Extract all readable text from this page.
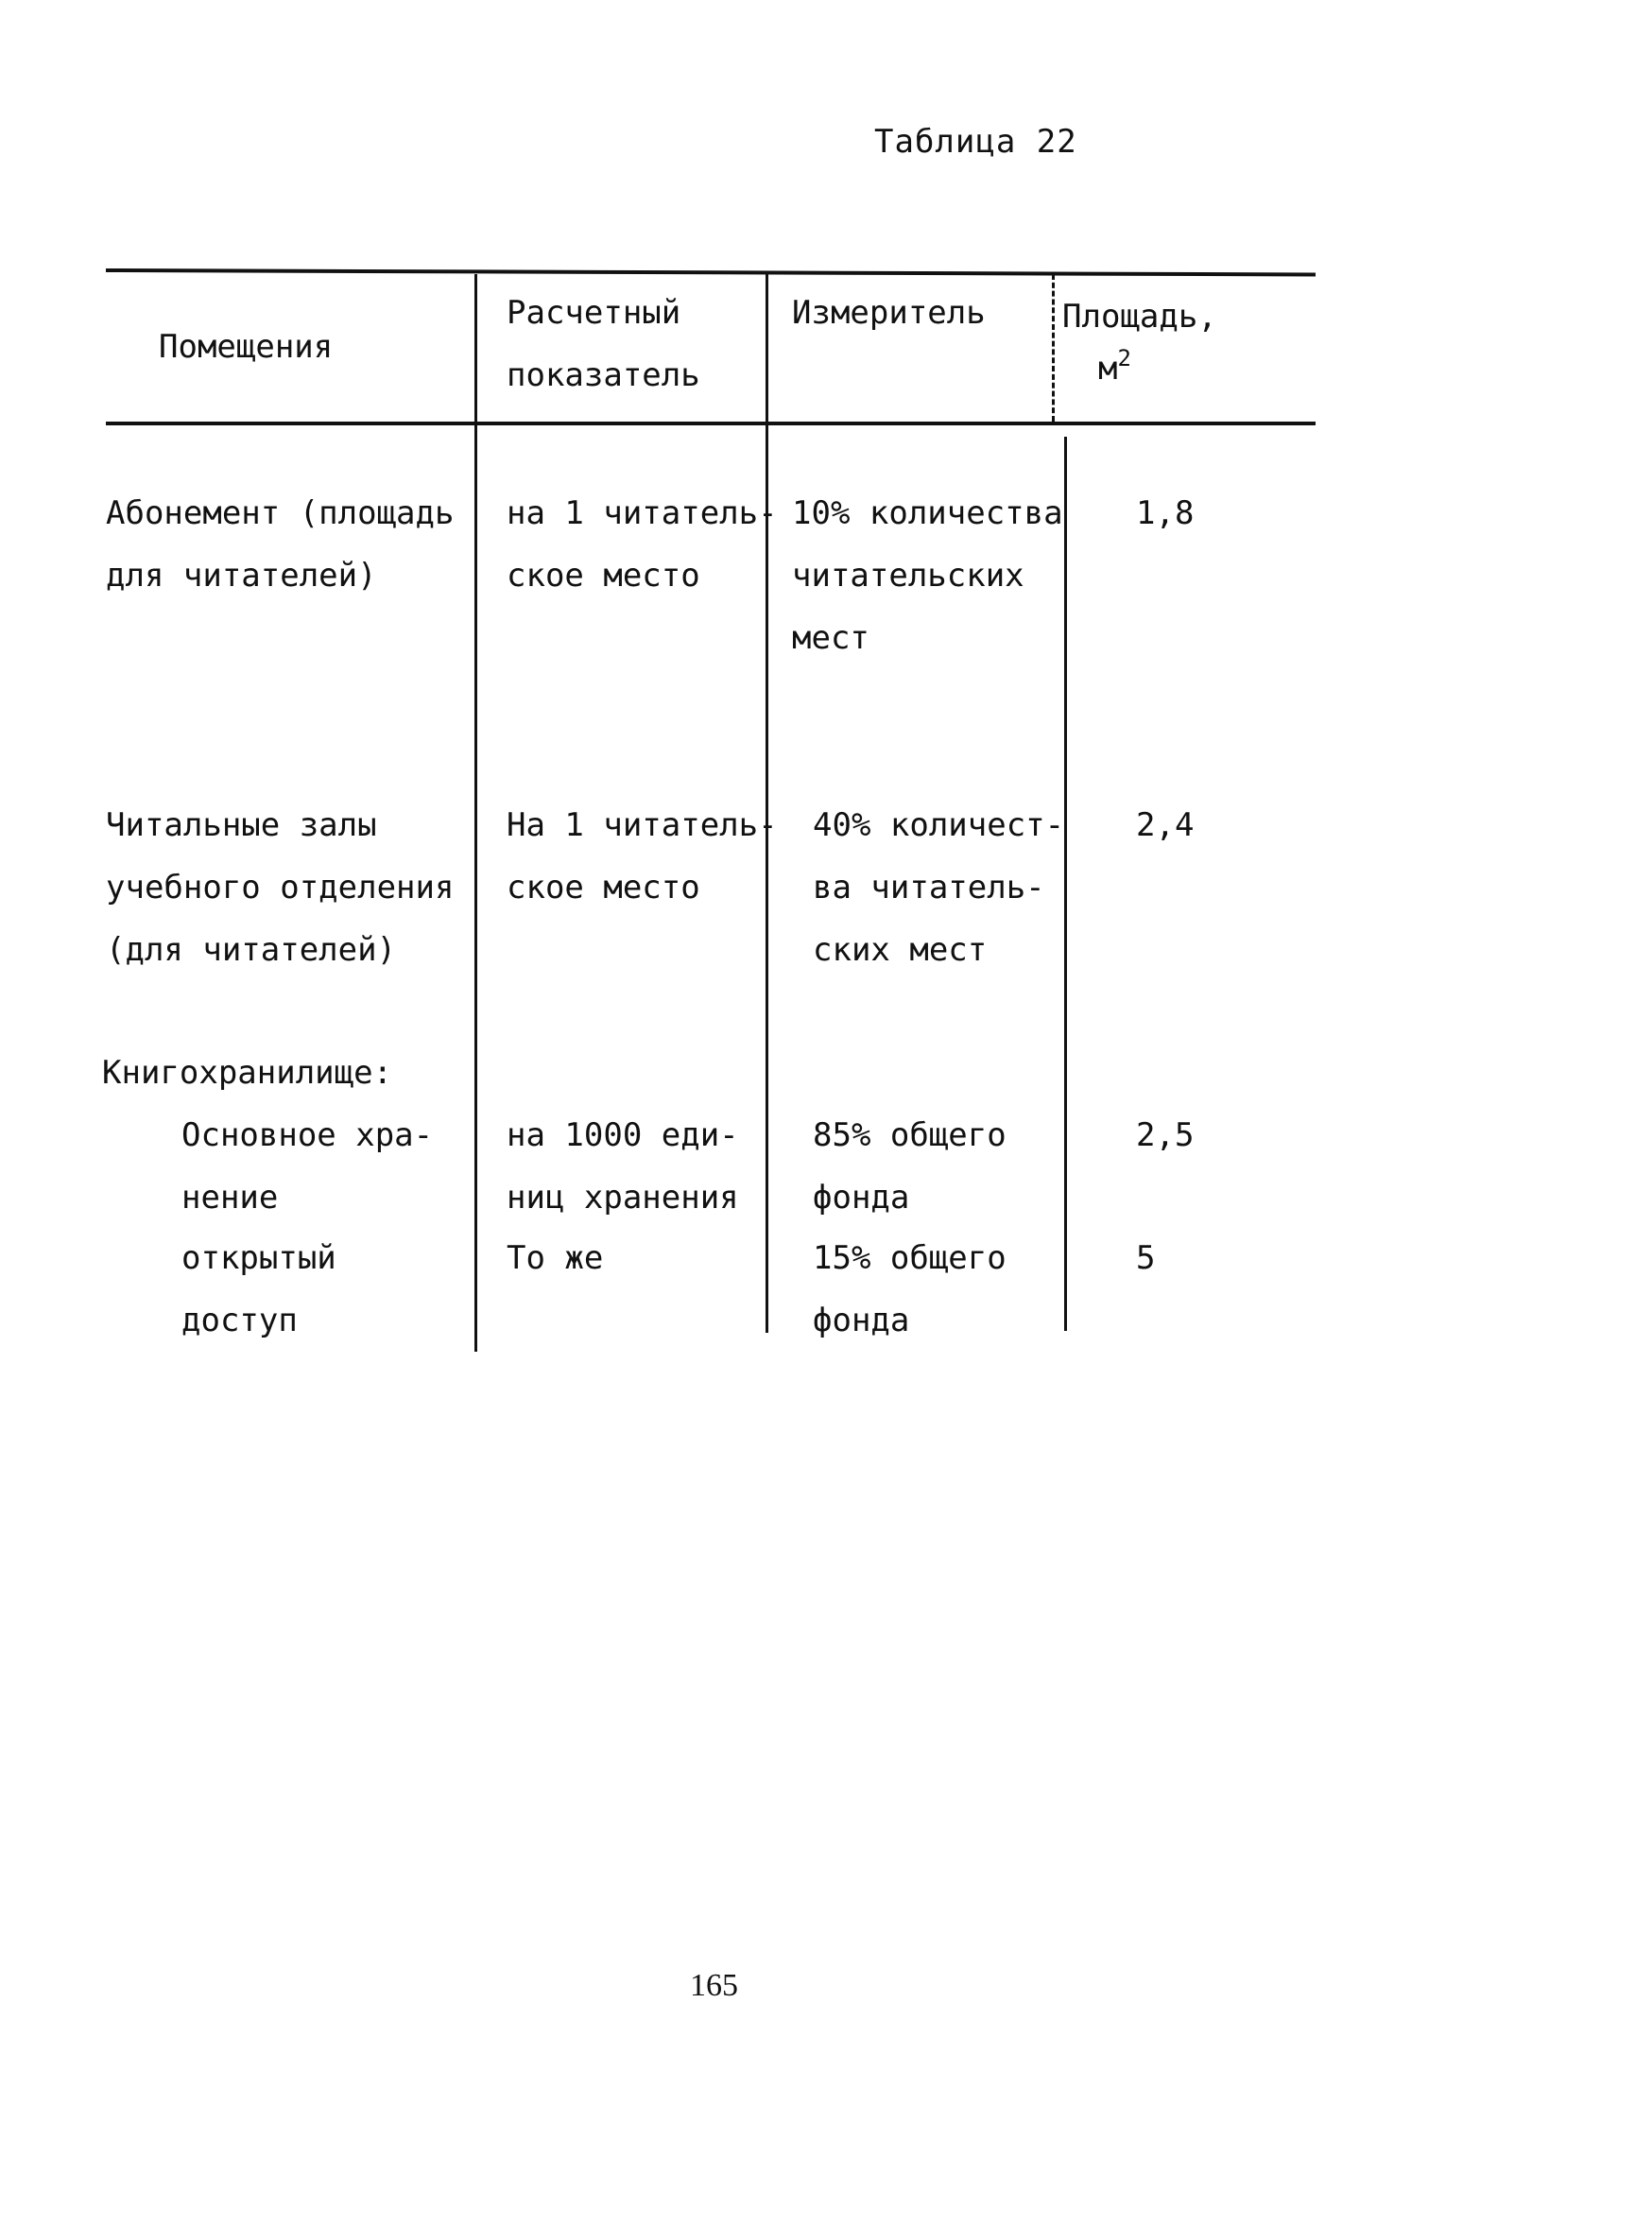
Таблица 22
Помещения
Расчетный
показатель
Измеритель Площадь,
$м^2$
Абонемент (площадь
для читателей)
на 1 читатель-
ское место
10% количества
читательских
мест
1,8
Читальные залы
учебного отделения
(для читателей)
На 1 читатель-
ское место
40% количест-
ва читатель-
ских мест
2,4
Книгохранилище:
Основное хра-
нение
на 1000 еди-
ниц хранения
85% общего
фонда
2,5
открытый
доступ
То же	15% общего
фонда
5
165
